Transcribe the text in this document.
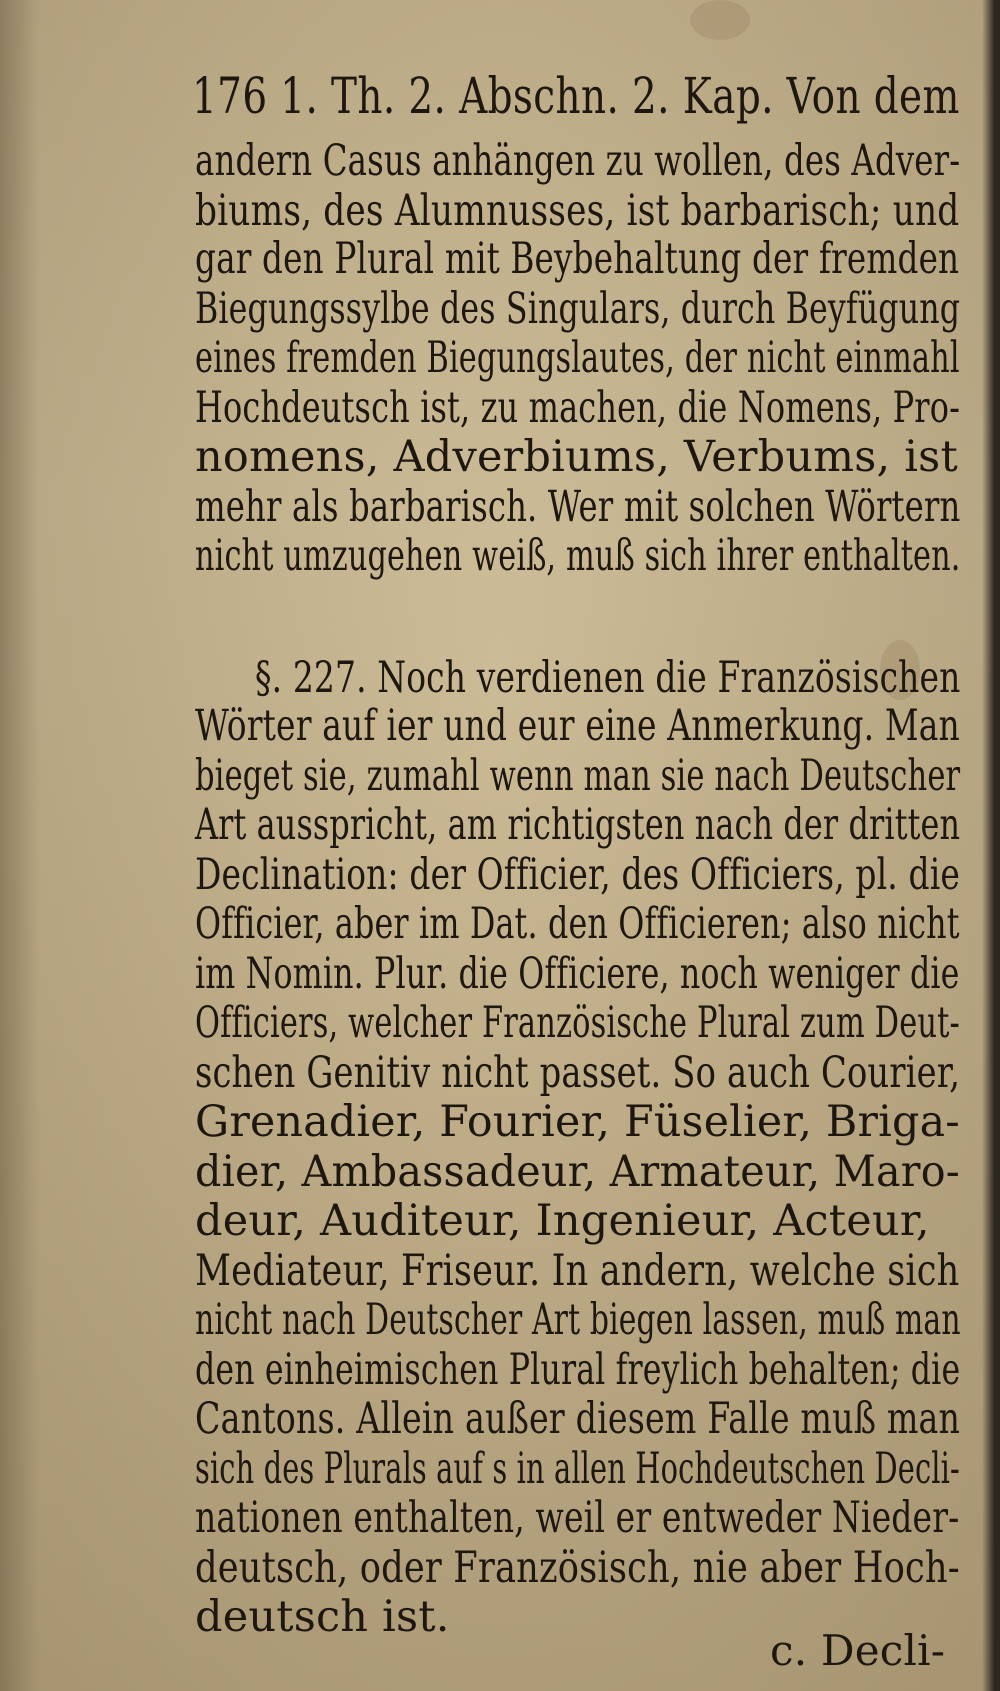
176 1. Th. 2. Abschn. 2. Kap. Von dem
andern Casus anhängen zu wollen, des Adver-
biums, des Alumnusses, ist barbarisch; und
gar den Plural mit Beybehaltung der fremden
Biegungssylbe des Singulars, durch Beyfügung
eines fremden Biegungslautes, der nicht einmahl
Hochdeutsch ist, zu machen, die Nomens, Pro-
nomens, Adverbiums, Verbums, ist
mehr als barbarisch. Wer mit solchen Wörtern
nicht umzugehen weiß, muß sich ihrer enthalten.
§. 227. Noch verdienen die Französischen
Wörter auf ier und eur eine Anmerkung. Man
bieget sie, zumahl wenn man sie nach Deutscher
Art ausspricht, am richtigsten nach der dritten
Declination: der Officier, des Officiers, pl. die
Officier, aber im Dat. den Officieren; also nicht
im Nomin. Plur. die Officiere, noch weniger die
Officiers, welcher Französische Plural zum Deut-
schen Genitiv nicht passet. So auch Courier,
Grenadier, Fourier, Füselier, Briga-
dier, Ambassadeur, Armateur, Maro-
deur, Auditeur, Ingenieur, Acteur,
Mediateur, Friseur. In andern, welche sich
nicht nach Deutscher Art biegen lassen, muß man
den einheimischen Plural freylich behalten; die
Cantons. Allein außer diesem Falle muß man
sich des Plurals auf s in allen Hochdeutschen Decli-
nationen enthalten, weil er entweder Nieder-
deutsch, oder Französisch, nie aber Hoch-
deutsch ist.
c. Decli-
